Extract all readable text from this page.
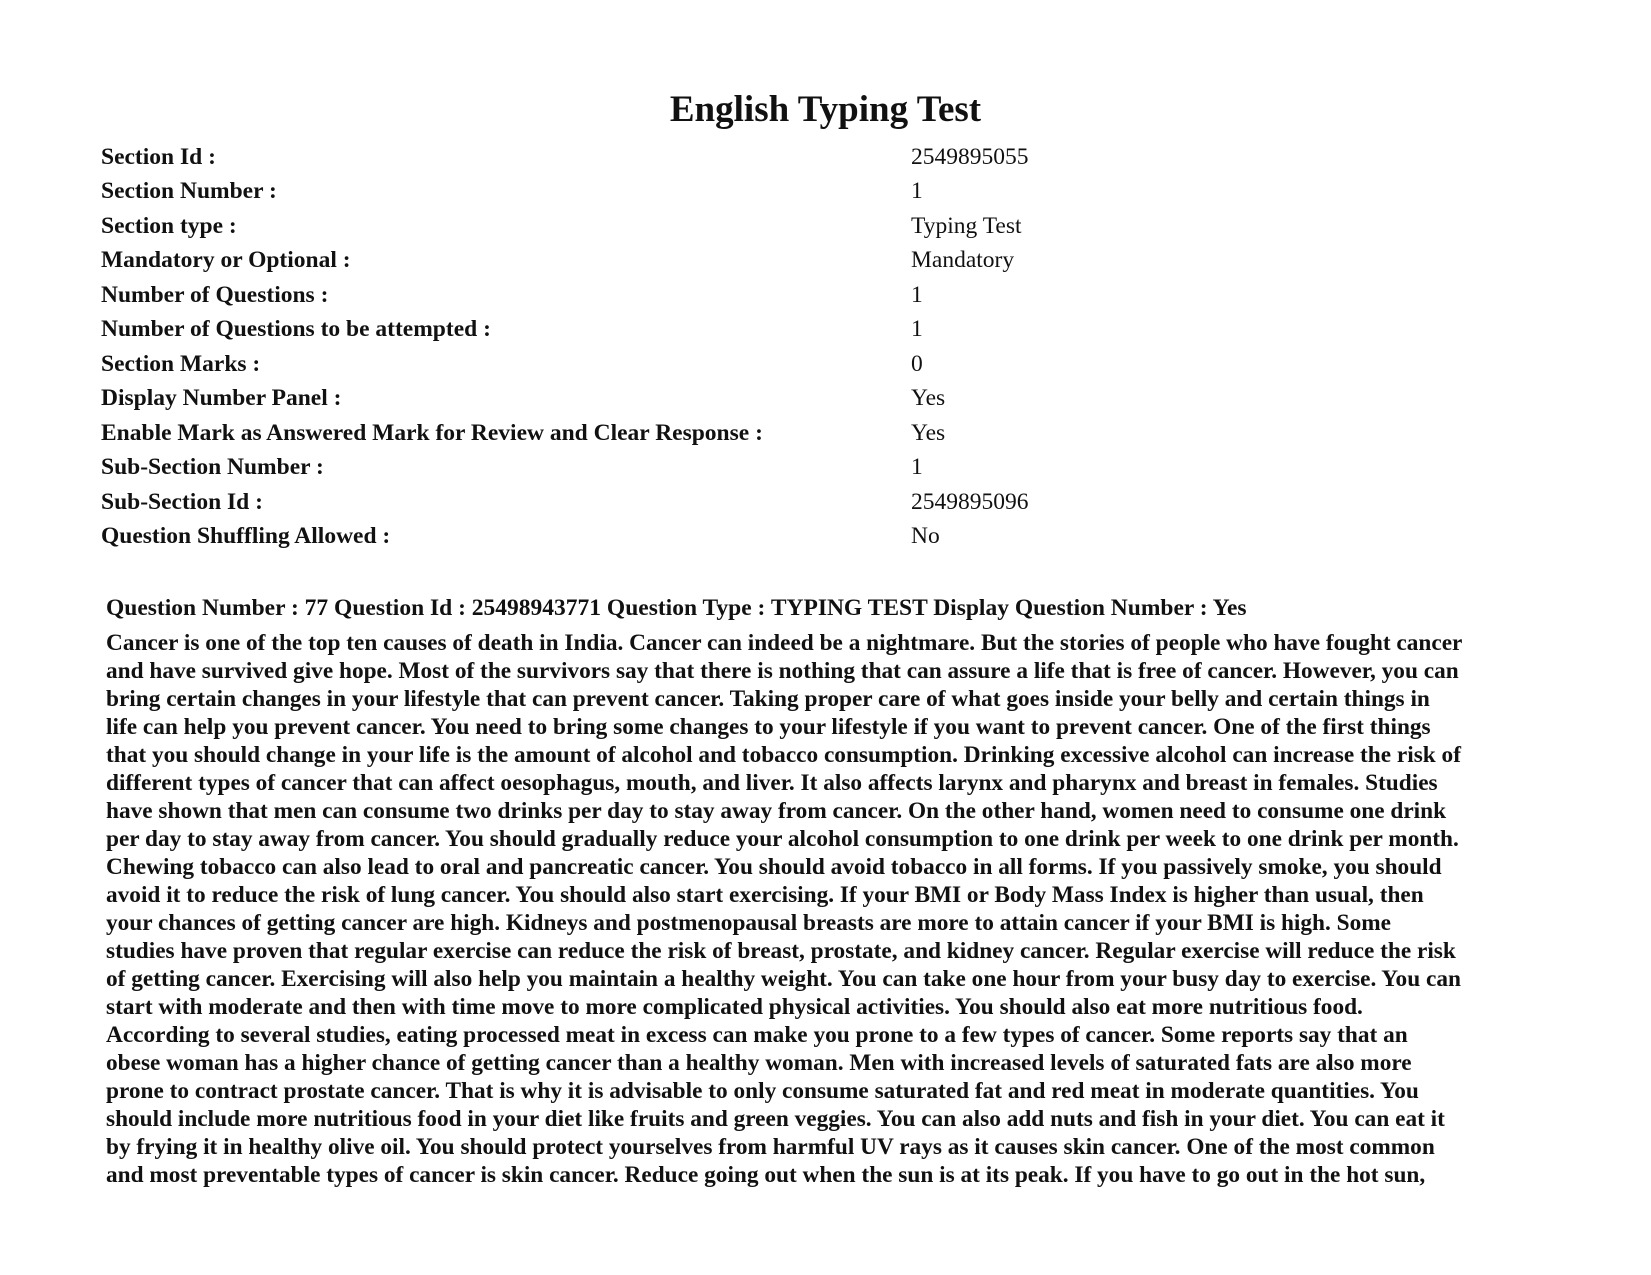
English Typing Test
Section Id :	2549895055
Section Number :	1
Section type :	Typing Test
Mandatory or Optional :	Mandatory
Number of Questions :	1
Number of Questions to be attempted :	1
Section Marks :	0
Display Number Panel :	Yes
Enable Mark as Answered Mark for Review and Clear Response :	Yes
Sub-Section Number :	1
Sub-Section Id :	2549895096
Question Shuffling Allowed :	No
Question Number : 77 Question Id : 25498943771 Question Type : TYPING TEST Display Question Number : Yes
Cancer is one of the top ten causes of death in India. Cancer can indeed be a nightmare. But the stories of people who have fought cancer
and have survived give hope. Most of the survivors say that there is nothing that can assure a life that is free of cancer. However, you can
bring certain changes in your lifestyle that can prevent cancer. Taking proper care of what goes inside your belly and certain things in
life can help you prevent cancer. You need to bring some changes to your lifestyle if you want to prevent cancer. One of the first things
that you should change in your life is the amount of alcohol and tobacco consumption. Drinking excessive alcohol can increase the risk of
different types of cancer that can affect oesophagus, mouth, and liver. It also affects larynx and pharynx and breast in females. Studies
have shown that men can consume two drinks per day to stay away from cancer. On the other hand, women need to consume one drink
per day to stay away from cancer. You should gradually reduce your alcohol consumption to one drink per week to one drink per month.
Chewing tobacco can also lead to oral and pancreatic cancer. You should avoid tobacco in all forms. If you passively smoke, you should
avoid it to reduce the risk of lung cancer. You should also start exercising. If your BMI or Body Mass Index is higher than usual, then
your chances of getting cancer are high. Kidneys and postmenopausal breasts are more to attain cancer if your BMI is high. Some
studies have proven that regular exercise can reduce the risk of breast, prostate, and kidney cancer. Regular exercise will reduce the risk
of getting cancer. Exercising will also help you maintain a healthy weight. You can take one hour from your busy day to exercise. You can
start with moderate and then with time move to more complicated physical activities. You should also eat more nutritious food.
According to several studies, eating processed meat in excess can make you prone to a few types of cancer. Some reports say that an
obese woman has a higher chance of getting cancer than a healthy woman. Men with increased levels of saturated fats are also more
prone to contract prostate cancer. That is why it is advisable to only consume saturated fat and red meat in moderate quantities. You
should include more nutritious food in your diet like fruits and green veggies. You can also add nuts and fish in your diet. You can eat it
by frying it in healthy olive oil. You should protect yourselves from harmful UV rays as it causes skin cancer. One of the most common
and most preventable types of cancer is skin cancer. Reduce going out when the sun is at its peak. If you have to go out in the hot sun,
